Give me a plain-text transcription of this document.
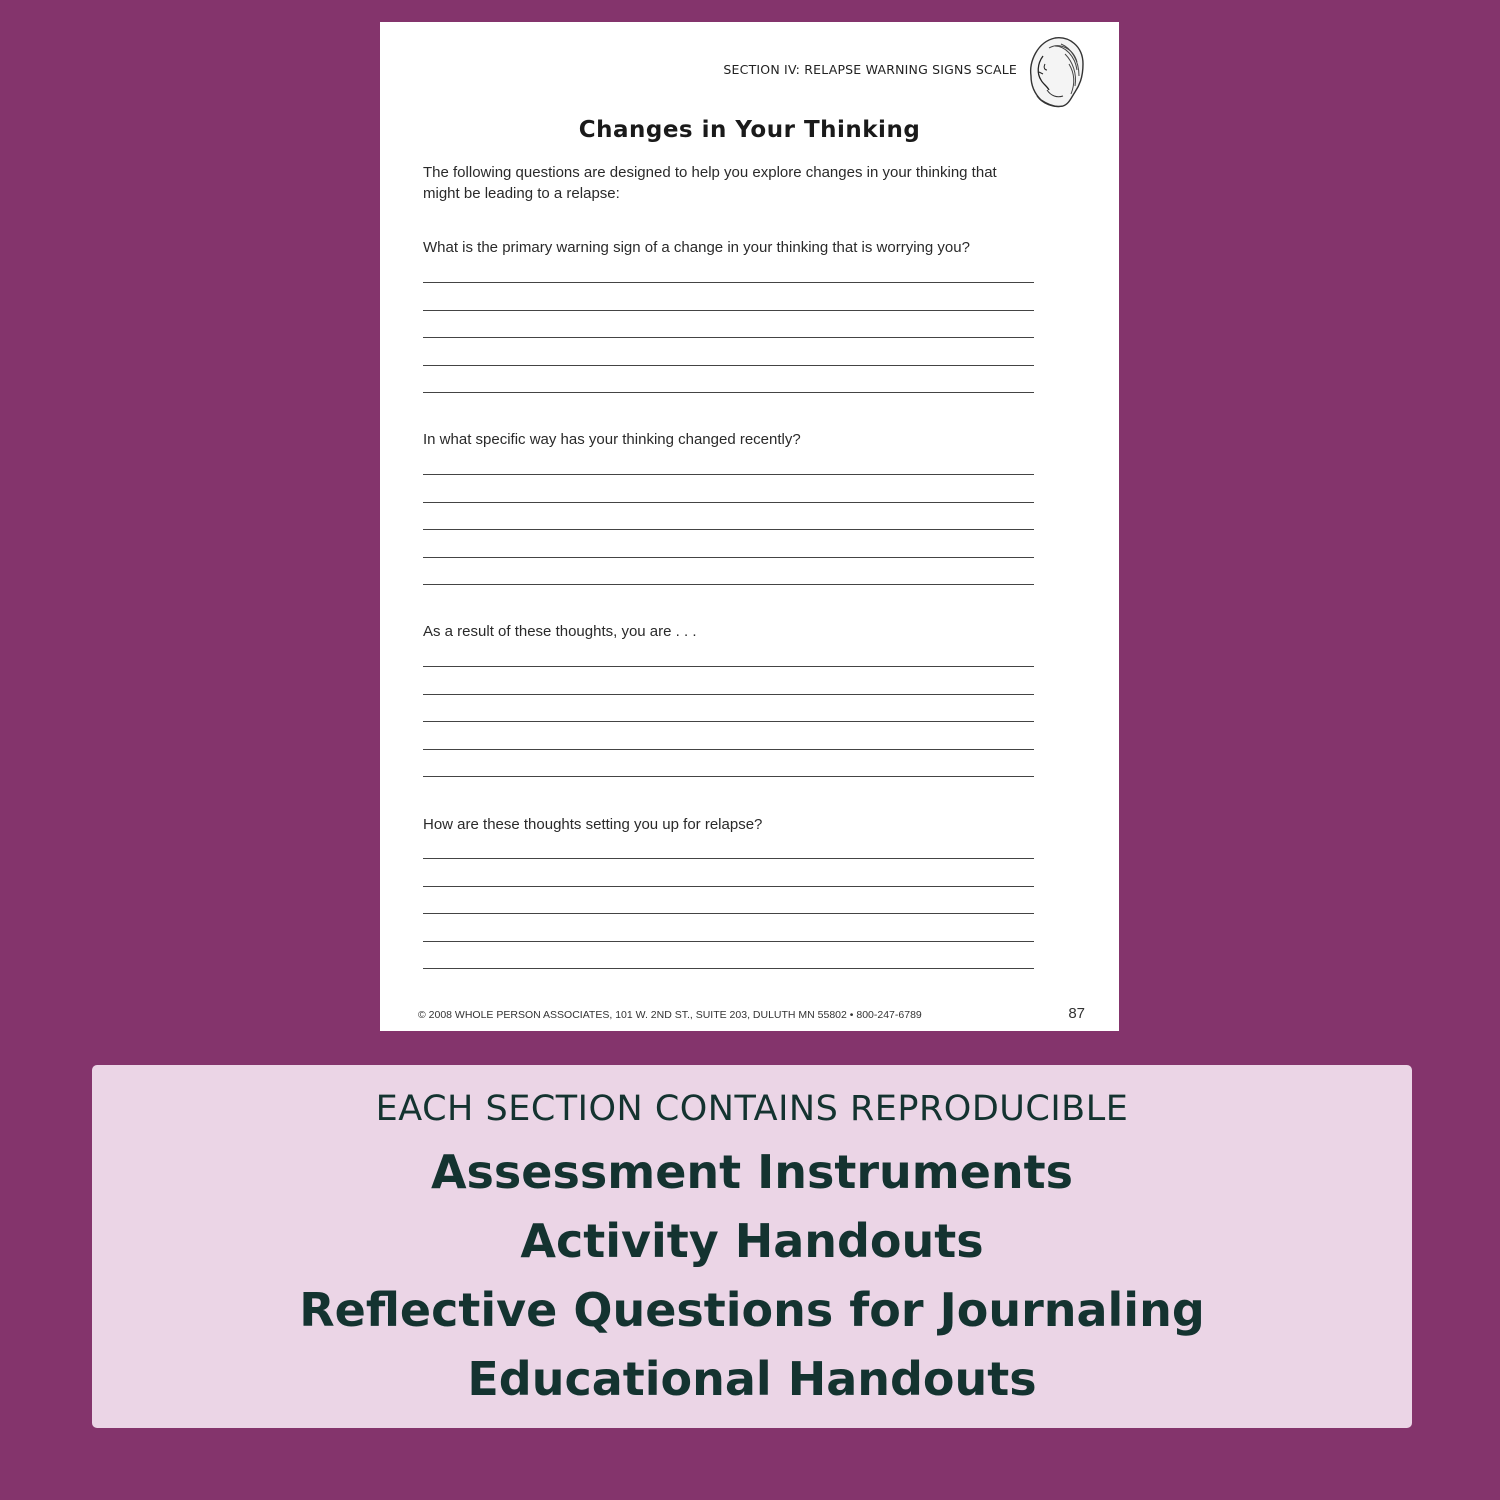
SECTION IV: RELAPSE WARNING SIGNS SCALE
Changes in Your Thinking
The following questions are designed to help you explore changes in your thinking that
might be leading to a relapse:
What is the primary warning sign of a change in your thinking that is worrying you?
In what specific way has your thinking changed recently?
As a result of these thoughts, you are . . .
How are these thoughts setting you up for relapse?
© 2008 WHOLE PERSON ASSOCIATES, 101 W. 2ND ST., SUITE 203, DULUTH MN 55802 • 800-247-6789	87
EACH SECTION CONTAINS REPRODUCIBLE
Assessment Instruments
Activity Handouts
Reflective Questions for Journaling
Educational Handouts
